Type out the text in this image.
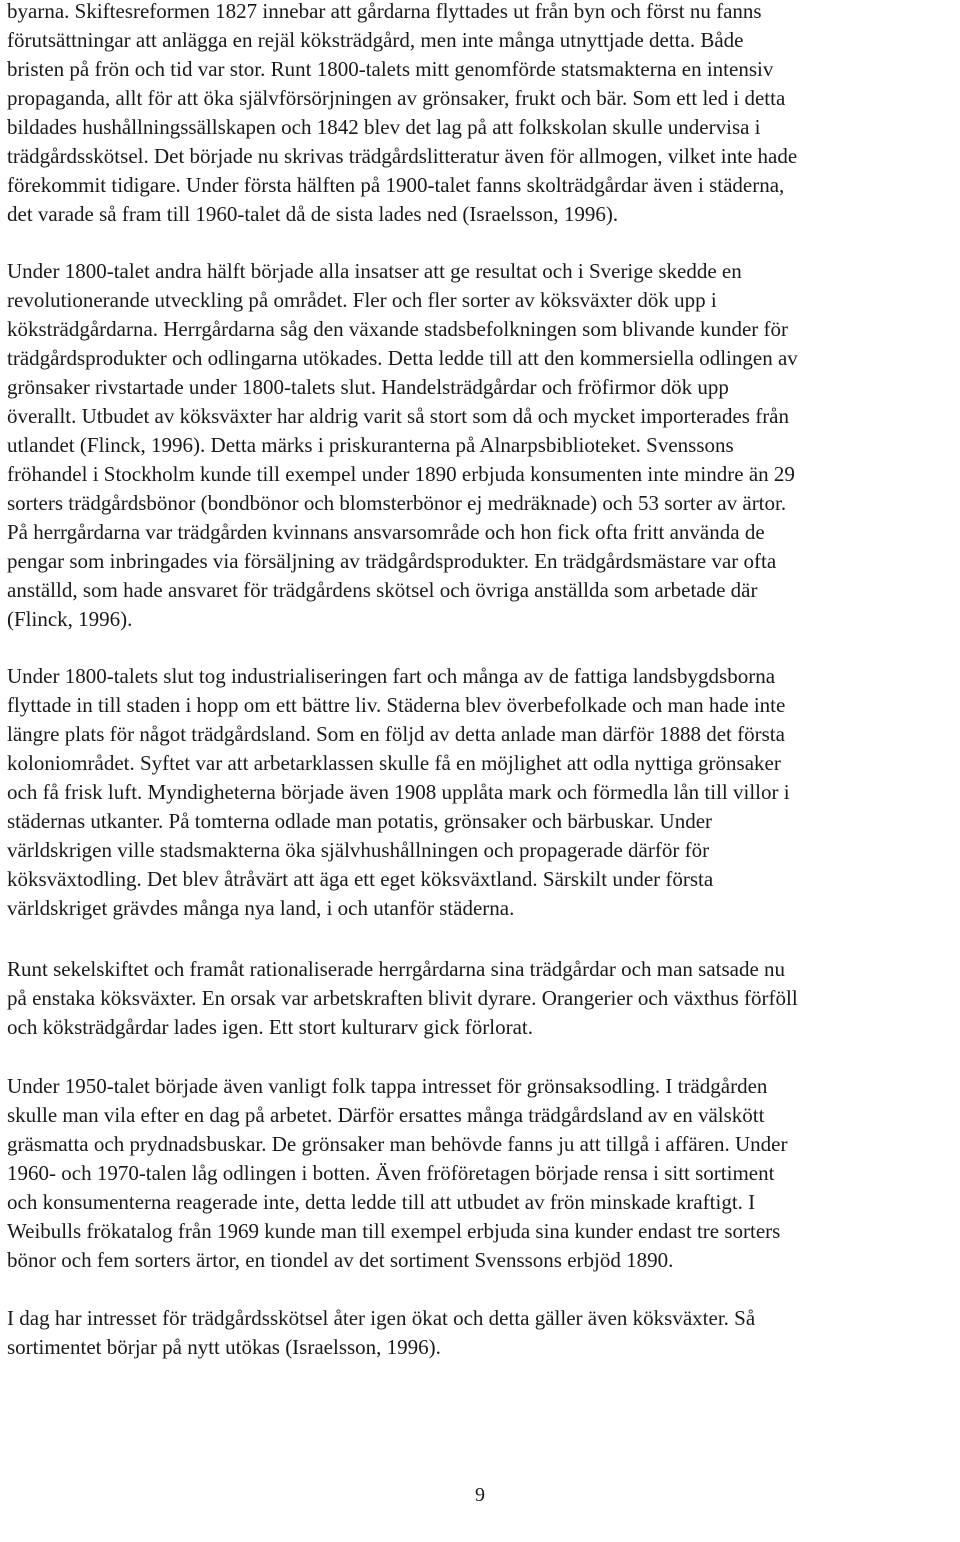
byarna. Skiftesreformen 1827 innebar att gårdarna flyttades ut från byn och först nu fanns
förutsättningar att anlägga en rejäl köksträdgård, men inte många utnyttjade detta. Både
bristen på frön och tid var stor. Runt 1800-talets mitt genomförde statsmakterna en intensiv
propaganda, allt för att öka självförsörjningen av grönsaker, frukt och bär. Som ett led i detta
bildades hushållningssällskapen och 1842 blev det lag på att folkskolan skulle undervisa i
trädgårdsskötsel. Det började nu skrivas trädgårdslitteratur även för allmogen, vilket inte hade
förekommit tidigare. Under första hälften på 1900-talet fanns skolträdgårdar även i städerna,
det varade så fram till 1960-talet då de sista lades ned (Israelsson, 1996).
Under 1800-talet andra hälft började alla insatser att ge resultat och i Sverige skedde en
revolutionerande utveckling på området. Fler och fler sorter av köksväxter dök upp i
köksträdgårdarna. Herrgårdarna såg den växande stadsbefolkningen som blivande kunder för
trädgårdsprodukter och odlingarna utökades. Detta ledde till att den kommersiella odlingen av
grönsaker rivstartade under 1800-talets slut. Handelsträdgårdar och fröfirmor dök upp
överallt. Utbudet av köksväxter har aldrig varit så stort som då och mycket importerades från
utlandet (Flinck, 1996). Detta märks i priskuranterna på Alnarpsbiblioteket. Svenssons
fröhandel i Stockholm kunde till exempel under 1890 erbjuda konsumenten inte mindre än 29
sorters trädgårdsbönor (bondbönor och blomsterbönor ej medräknade) och 53 sorter av ärtor.
På herrgårdarna var trädgården kvinnans ansvarsområde och hon fick ofta fritt använda de
pengar som inbringades via försäljning av trädgårdsprodukter. En trädgårdsmästare var ofta
anställd, som hade ansvaret för trädgårdens skötsel och övriga anställda som arbetade där
(Flinck, 1996).
Under 1800-talets slut tog industrialiseringen fart och många av de fattiga landsbygdsborna
flyttade in till staden i hopp om ett bättre liv. Städerna blev överbefolkade och man hade inte
längre plats för något trädgårdsland. Som en följd av detta anlade man därför 1888 det första
koloniområdet. Syftet var att arbetarklassen skulle få en möjlighet att odla nyttiga grönsaker
och få frisk luft. Myndigheterna började även 1908 upplåta mark och förmedla lån till villor i
städernas utkanter. På tomterna odlade man potatis, grönsaker och bärbuskar. Under
världskrigen ville stadsmakterna öka självhushållningen och propagerade därför för
köksväxtodling. Det blev åtråvärt att äga ett eget köksväxtland. Särskilt under första
världskriget grävdes många nya land, i och utanför städerna.
Runt sekelskiftet och framåt rationaliserade herrgårdarna sina trädgårdar och man satsade nu
på enstaka köksväxter. En orsak var arbetskraften blivit dyrare. Orangerier och växthus förföll
och köksträdgårdar lades igen. Ett stort kulturarv gick förlorat.
Under 1950-talet började även vanligt folk tappa intresset för grönsaksodling. I trädgården
skulle man vila efter en dag på arbetet. Därför ersattes många trädgårdsland av en välskött
gräsmatta och prydnadsbuskar. De grönsaker man behövde fanns ju att tillgå i affären. Under
1960- och 1970-talen låg odlingen i botten. Även fröföretagen började rensa i sitt sortiment
och konsumenterna reagerade inte, detta ledde till att utbudet av frön minskade kraftigt. I
Weibulls frökatalog från 1969 kunde man till exempel erbjuda sina kunder endast tre sorters
bönor och fem sorters ärtor, en tiondel av det sortiment Svenssons erbjöd 1890.
I dag har intresset för trädgårdsskötsel åter igen ökat och detta gäller även köksväxter. Så
sortimentet börjar på nytt utökas (Israelsson, 1996).
9
